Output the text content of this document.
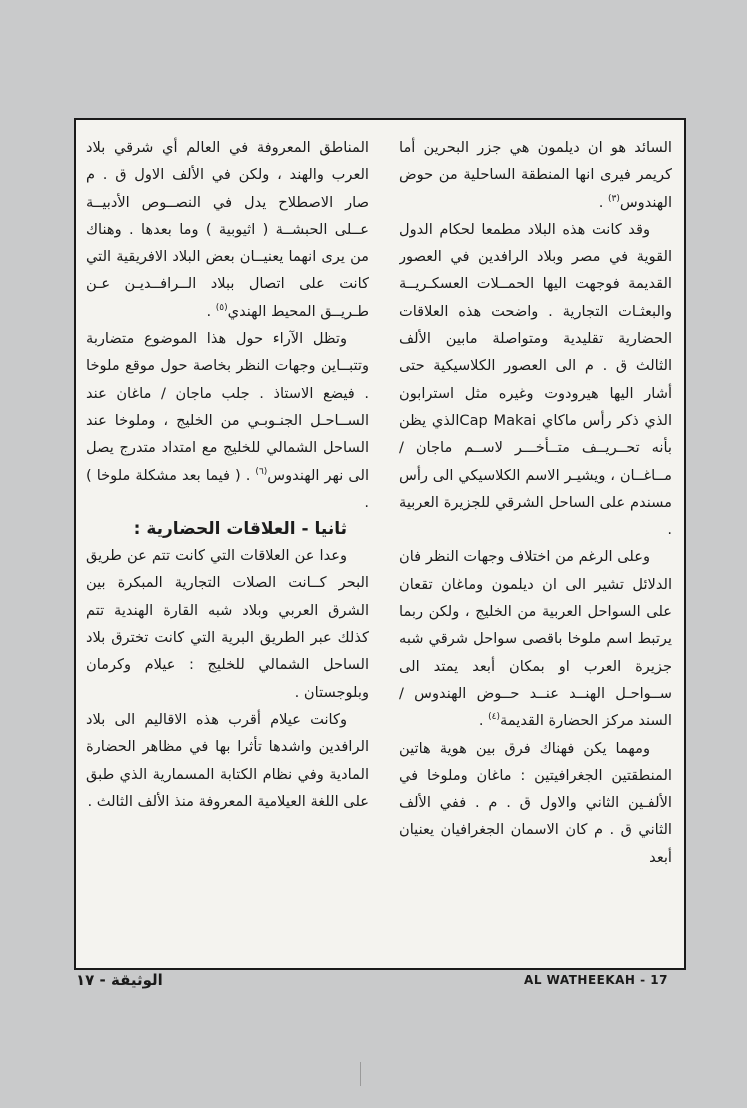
السائد هو ان ديلمون هي جزر البحرين أما كريمر فيرى انها المنطقة الساحلية من حوض الهندوس$^{(٣)}$ .

وقد كانت هذه البلاد مطمعا لحكام الدول القوية في مصر وبلاد الرافدين في العصور القديمة فوجهت اليها الحمــلات العسكـريــة والبعثـات التجارية . واضحت هذه العلاقات الحضارية تقليدية ومتواصلة مابين الألف الثالث ق . م الى العصور الكلاسيكية حتى أشار اليها هيرودوت وغيره مثل استرابون الذي ذكر رأس ماكاي Cap Makaiالذي يظن بأنه تحــريــف متــأخـــر لاســم ماجان / مــاغــان ، ويشيـر الاسم الكلاسيكي الى رأس مسندم على الساحل الشرقي للجزيرة العربية .

وعلى الرغم من اختلاف وجهات النظر فان الدلائل تشير الى ان ديلمون وماغان تقعان على السواحل العربية من الخليج ، ولكن ربما يرتبط اسم ملوخا باقصى سواحل شرقي شبه جزيرة العرب او بمكان أبعد يمتد الى ســواحـل الهنــد عنــد حــوض الهندوس / السند مركز الحضارة القديمة$^{(٤)}$ .

ومهما يكن فهناك فرق بين هوية هاتين المنطقتين الجغرافيتين : ماغان وملوخا في الألفـين الثاني والاول ق . م . ففي الألف الثاني ق . م كان الاسمان الجغرافيان يعنيان أبعد

المناطق المعروفة في العالم أي شرقي بلاد العرب والهند ، ولكن في الألف الاول ق . م صار الاصطلاح يدل في النصــوص الأدبيــة عــلى الحبشــة ( اثيوبية ) وما بعدها . وهناك من يرى انهما يعنيــان بعض البلاد الافريقية التي كانت على اتصال ببلاد الــرافــديـن عـن طـريــق المحيط الهندي$^{(٥)}$ .

وتظل الآراء حول هذا الموضوع متضاربة وتتبــاين وجهات النظر بخاصة حول موقع ملوخا . فيضع الاستاذ . جلب ماجان / ماغان عند الســاحـل الجنـوبـي من الخليج ، وملوخا عند الساحل الشمالي للخليج مع امتداد متدرج يصل الى نهر الهندوس$^{(٦)}$ . ( فيما بعد مشكلة ملوخا ) .

ثانيا - العلاقات الحضارية :

وعدا عن العلاقات التي كانت تتم عن طريق البحر كــانت الصلات التجارية المبكرة بين الشرق العربي وبلاد شبه القارة الهندية تتم كذلك عبر الطريق البرية التي كانت تخترق بلاد الساحل الشمالي للخليج : عيلام وكرمان وبلوجستان .

وكانت عيلام أقرب هذه الاقاليم الى بلاد الرافدين واشدها تأثرا بها في مظاهر الحضارة المادية وفي نظام الكتابة المسمارية الذي طبق على اللغة العيلامية المعروفة منذ الألف الثالث .

الوثيقة - ١٧	AL WATHEEKAH - 17
